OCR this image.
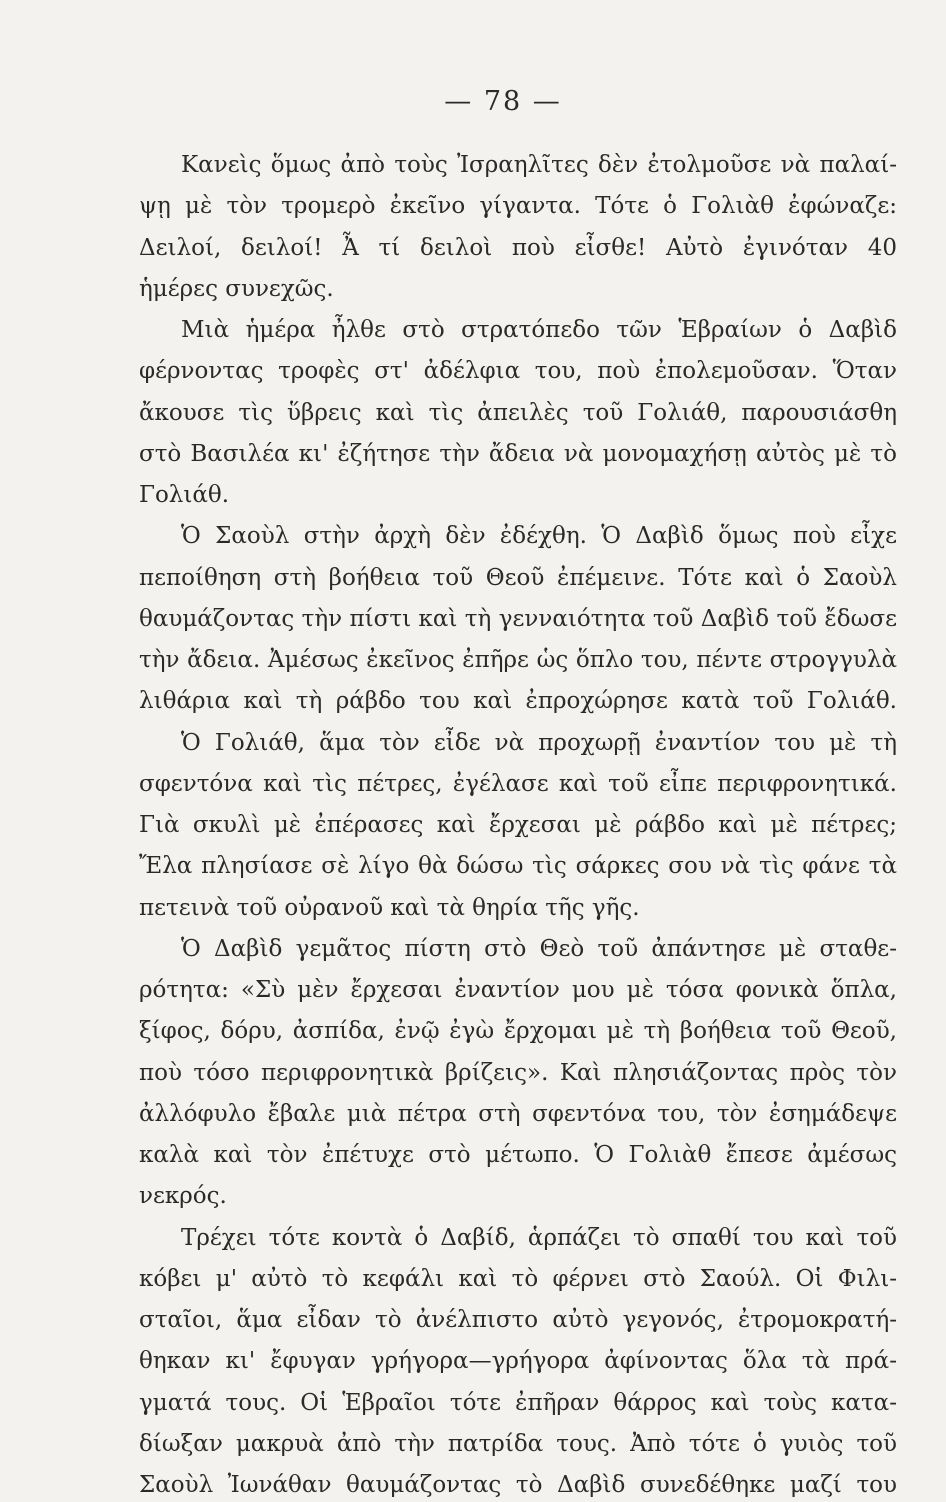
— 78 —
Κανεὶς ὅμως ἀπὸ τοὺς Ἰσραηλῖτες δὲν ἐτολμοῦσε νὰ παλαί-
ψῃ μὲ τὸν τρομερὸ ἐκεῖνο γίγαντα. Τότε ὁ Γολιὰθ ἐφώναζε:
Δειλοί, δειλοί! Ἆ τί δειλοὶ ποὺ εἶσθε! Αὐτὸ ἐγινόταν 40
ἡμέρες συνεχῶς.
Μιὰ ἡμέρα ἦλθε στὸ στρατόπεδο τῶν Ἑβραίων ὁ Δαβὶδ
φέρνοντας τροφὲς στ' ἀδέλφια του, ποὺ ἐπολεμοῦσαν. Ὅταν
ἄκουσε τὶς ὕβρεις καὶ τὶς ἀπειλὲς τοῦ Γολιάθ, παρουσιάσθη
στὸ Βασιλέα κι' ἐζήτησε τὴν ἄδεια νὰ μονομαχήσῃ αὐτὸς μὲ τὸ
Γολιάθ.
Ὁ Σαοὺλ στὴν ἀρχὴ δὲν ἐδέχθη. Ὁ Δαβὶδ ὅμως ποὺ εἶχε
πεποίθηση στὴ βοήθεια τοῦ Θεοῦ ἐπέμεινε. Τότε καὶ ὁ Σαοὺλ
θαυμάζοντας τὴν πίστι καὶ τὴ γενναιότητα τοῦ Δαβὶδ τοῦ ἔδωσε
τὴν ἄδεια. Ἀμέσως ἐκεῖνος ἐπῆρε ὡς ὅπλο του, πέντε στρογγυλὰ
λιθάρια καὶ τὴ ράβδο του καὶ ἐπροχώρησε κατὰ τοῦ Γολιάθ.
Ὁ Γολιάθ, ἅμα τὸν εἶδε νὰ προχωρῇ ἐναντίον του μὲ τὴ
σφεντόνα καὶ τὶς πέτρες, ἐγέλασε καὶ τοῦ εἶπε περιφρονητικά.
Γιὰ σκυλὶ μὲ ἐπέρασες καὶ ἔρχεσαι μὲ ράβδο καὶ μὲ πέτρες;
Ἔλα πλησίασε σὲ λίγο θὰ δώσω τὶς σάρκες σου νὰ τὶς φάνε τὰ
πετεινὰ τοῦ οὐρανοῦ καὶ τὰ θηρία τῆς γῆς.
Ὁ Δαβὶδ γεμᾶτος πίστη στὸ Θεὸ τοῦ ἀπάντησε μὲ σταθε-
ρότητα: «Σὺ μὲν ἔρχεσαι ἐναντίον μου μὲ τόσα φονικὰ ὅπλα,
ξίφος, δόρυ, ἀσπίδα, ἐνῷ ἐγὼ ἔρχομαι μὲ τὴ βοήθεια τοῦ Θεοῦ,
ποὺ τόσο περιφρονητικὰ βρίζεις». Καὶ πλησιάζοντας πρὸς τὸν
ἀλλόφυλο ἔβαλε μιὰ πέτρα στὴ σφεντόνα του, τὸν ἐσημάδεψε
καλὰ καὶ τὸν ἐπέτυχε στὸ μέτωπο. Ὁ Γολιὰθ ἔπεσε ἀμέσως
νεκρός.
Τρέχει τότε κοντὰ ὁ Δαβίδ, ἁρπάζει τὸ σπαθί του καὶ τοῦ
κόβει μ' αὐτὸ τὸ κεφάλι καὶ τὸ φέρνει στὸ Σαούλ. Οἱ Φιλι-
σταῖοι, ἅμα εἶδαν τὸ ἀνέλπιστο αὐτὸ γεγονός, ἐτρομοκρατή-
θηκαν κι' ἔφυγαν γρήγορα—γρήγορα ἀφίνοντας ὅλα τὰ πρά-
γματά τους. Οἱ Ἑβραῖοι τότε ἐπῆραν θάρρος καὶ τοὺς κατα-
δίωξαν μακρυὰ ἀπὸ τὴν πατρίδα τους. Ἀπὸ τότε ὁ γυιὸς τοῦ
Σαοὺλ Ἰωνάθαν θαυμάζοντας τὸ Δαβὶδ συνεδέθηκε μαζί του
